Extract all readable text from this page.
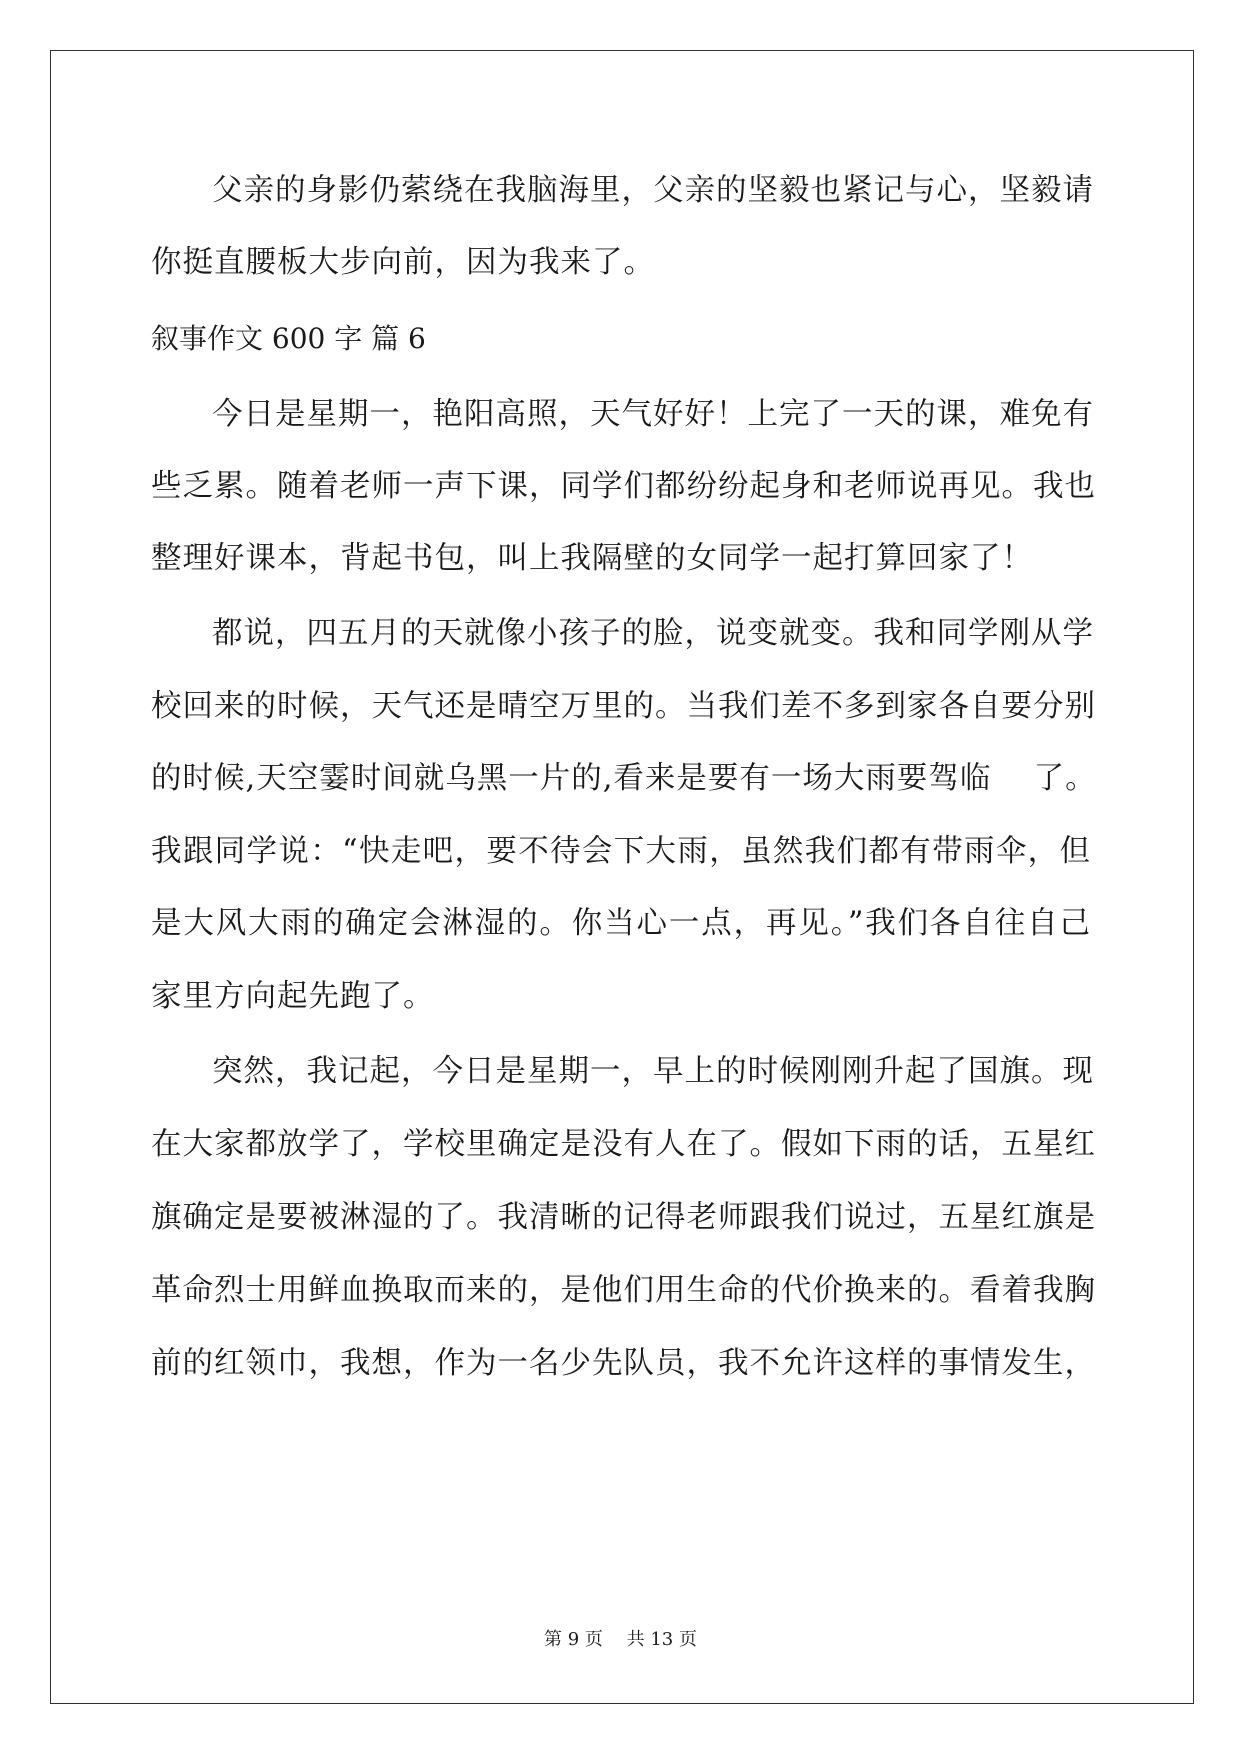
父亲的身影仍萦绕在我脑海里，父亲的坚毅也紧记与心，坚毅请
你挺直腰板大步向前，因为我来了。
叙事作文 600 字 篇 6
今日是星期一，艳阳高照，天气好好！上完了一天的课，难免有
些乏累。随着老师一声下课，同学们都纷纷起身和老师说再见。我也
整理好课本，背起书包，叫上我隔壁的女同学一起打算回家了！
都说，四五月的天就像小孩子的脸，说变就变。我和同学刚从学
校回来的时候，天气还是晴空万里的。当我们差不多到家各自要分别
的时候,天空霎时间就乌黑一片的,看来是要有一场大雨要驾临　 了。
我跟同学说：“快走吧，要不待会下大雨，虽然我们都有带雨伞，但
是大风大雨的确定会淋湿的。你当心一点，再见。”我们各自往自己
家里方向起先跑了。
突然，我记起，今日是星期一，早上的时候刚刚升起了国旗。现
在大家都放学了，学校里确定是没有人在了。假如下雨的话，五星红
旗确定是要被淋湿的了。我清晰的记得老师跟我们说过，五星红旗是
革命烈士用鲜血换取而来的，是他们用生命的代价换来的。看着我胸
前的红领巾，我想，作为一名少先队员，我不允许这样的事情发生，
第 9 页　 共 13 页
